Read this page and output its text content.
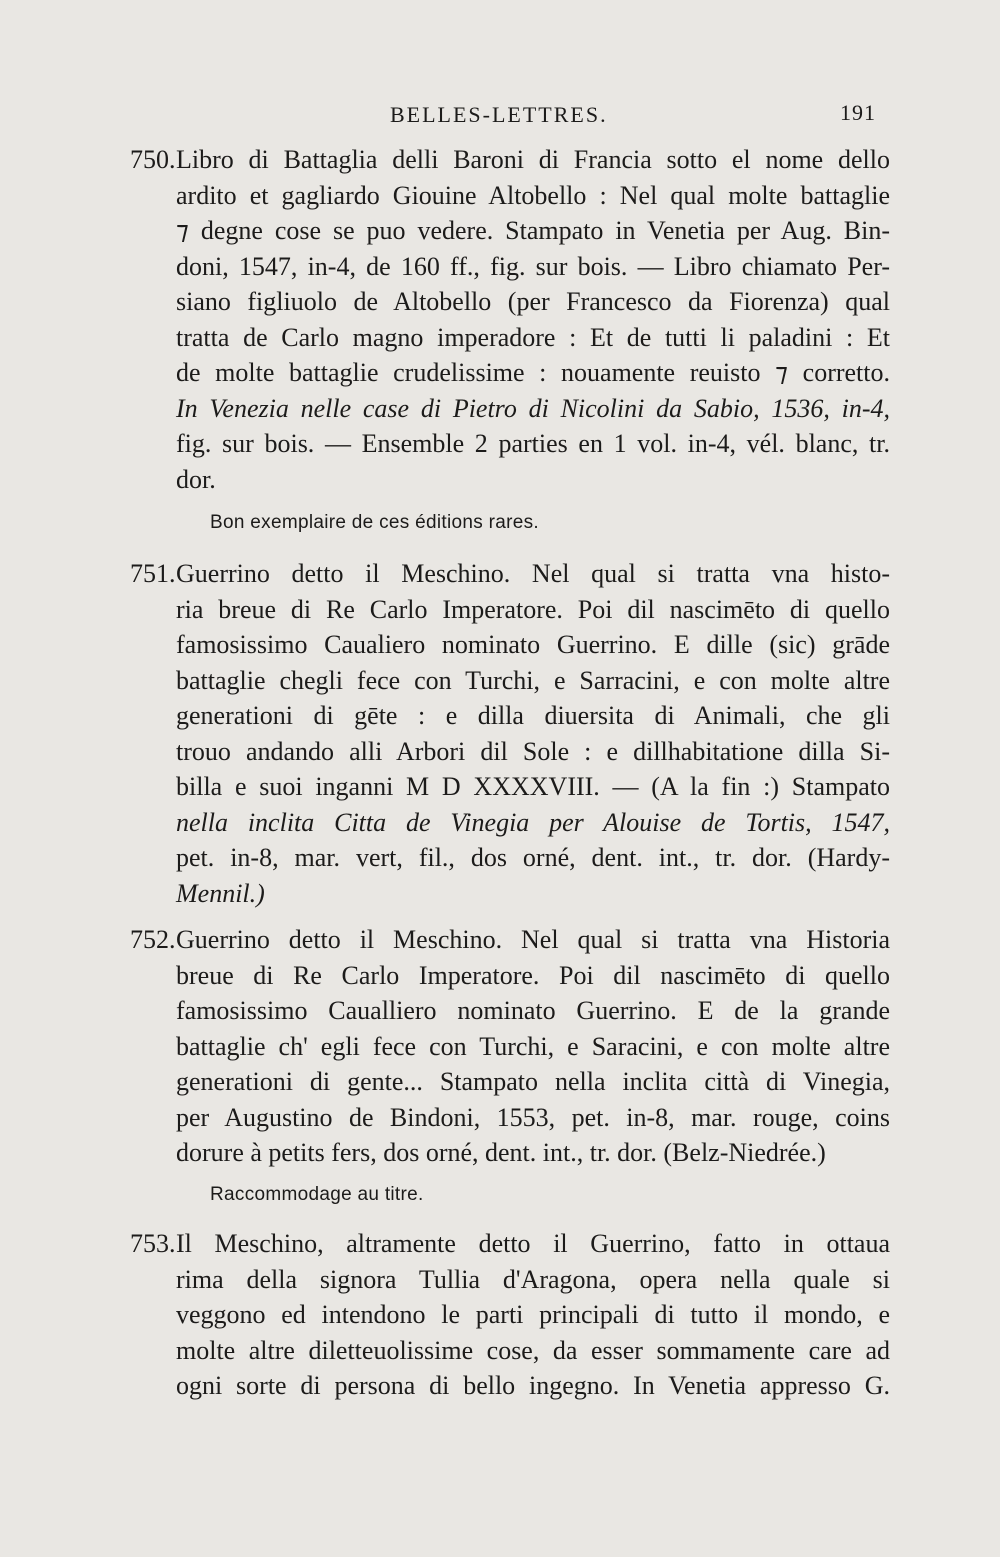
BELLES-LETTRES.	191
750.Libro di Battaglia delli Baroni di Francia sotto el nome dello
ardito et gagliardo Giouine Altobello : Nel qual molte battaglie
⁊ degne cose se puo vedere. Stampato in Venetia per Aug. Bin-
doni, 1547, in-4, de 160 ff., fig. sur bois. — Libro chiamato Per-
siano figliuolo de Altobello (per Francesco da Fiorenza) qual
tratta de Carlo magno imperadore : Et de tutti li paladini : Et
de molte battaglie crudelissime : nouamente reuisto ⁊ corretto.
In Venezia nelle case di Pietro di Nicolini da Sabio, 1536, in-4,
fig. sur bois. — Ensemble 2 parties en 1 vol. in-4, vél. blanc, tr.
dor.
Bon exemplaire de ces éditions rares.
751.Guerrino detto il Meschino. Nel qual si tratta vna histo-
ria breue di Re Carlo Imperatore. Poi dil nascimēto di quello
famosissimo Caualiero nominato Guerrino. E dille (sic) grāde
battaglie chegli fece con Turchi, e Sarracini, e con molte altre
generationi di gēte : e dilla diuersita di Animali, che gli
trouo andando alli Arbori dil Sole : e dillhabitatione dilla Si-
billa e suoi inganni M D XXXXVIII. — (A la fin :) Stampato
nella inclita Citta de Vinegia per Alouise de Tortis, 1547,
pet. in-8, mar. vert, fil., dos orné, dent. int., tr. dor. (Hardy-
Mennil.)
752.Guerrino detto il Meschino. Nel qual si tratta vna Historia
breue di Re Carlo Imperatore. Poi dil nascimēto di quello
famosissimo Caualliero nominato Guerrino. E de la grande
battaglie ch' egli fece con Turchi, e Saracini, e con molte altre
generationi di gente... Stampato nella inclita città di Vinegia,
per Augustino de Bindoni, 1553, pet. in-8, mar. rouge, coins
dorure à petits fers, dos orné, dent. int., tr. dor. (Belz-Niedrée.)
Raccommodage au titre.
753.Il Meschino, altramente detto il Guerrino, fatto in ottaua
rima della signora Tullia d'Aragona, opera nella quale si
veggono ed intendono le parti principali di tutto il mondo, e
molte altre diletteuolissime cose, da esser sommamente care ad
ogni sorte di persona di bello ingegno. In Venetia appresso G.
